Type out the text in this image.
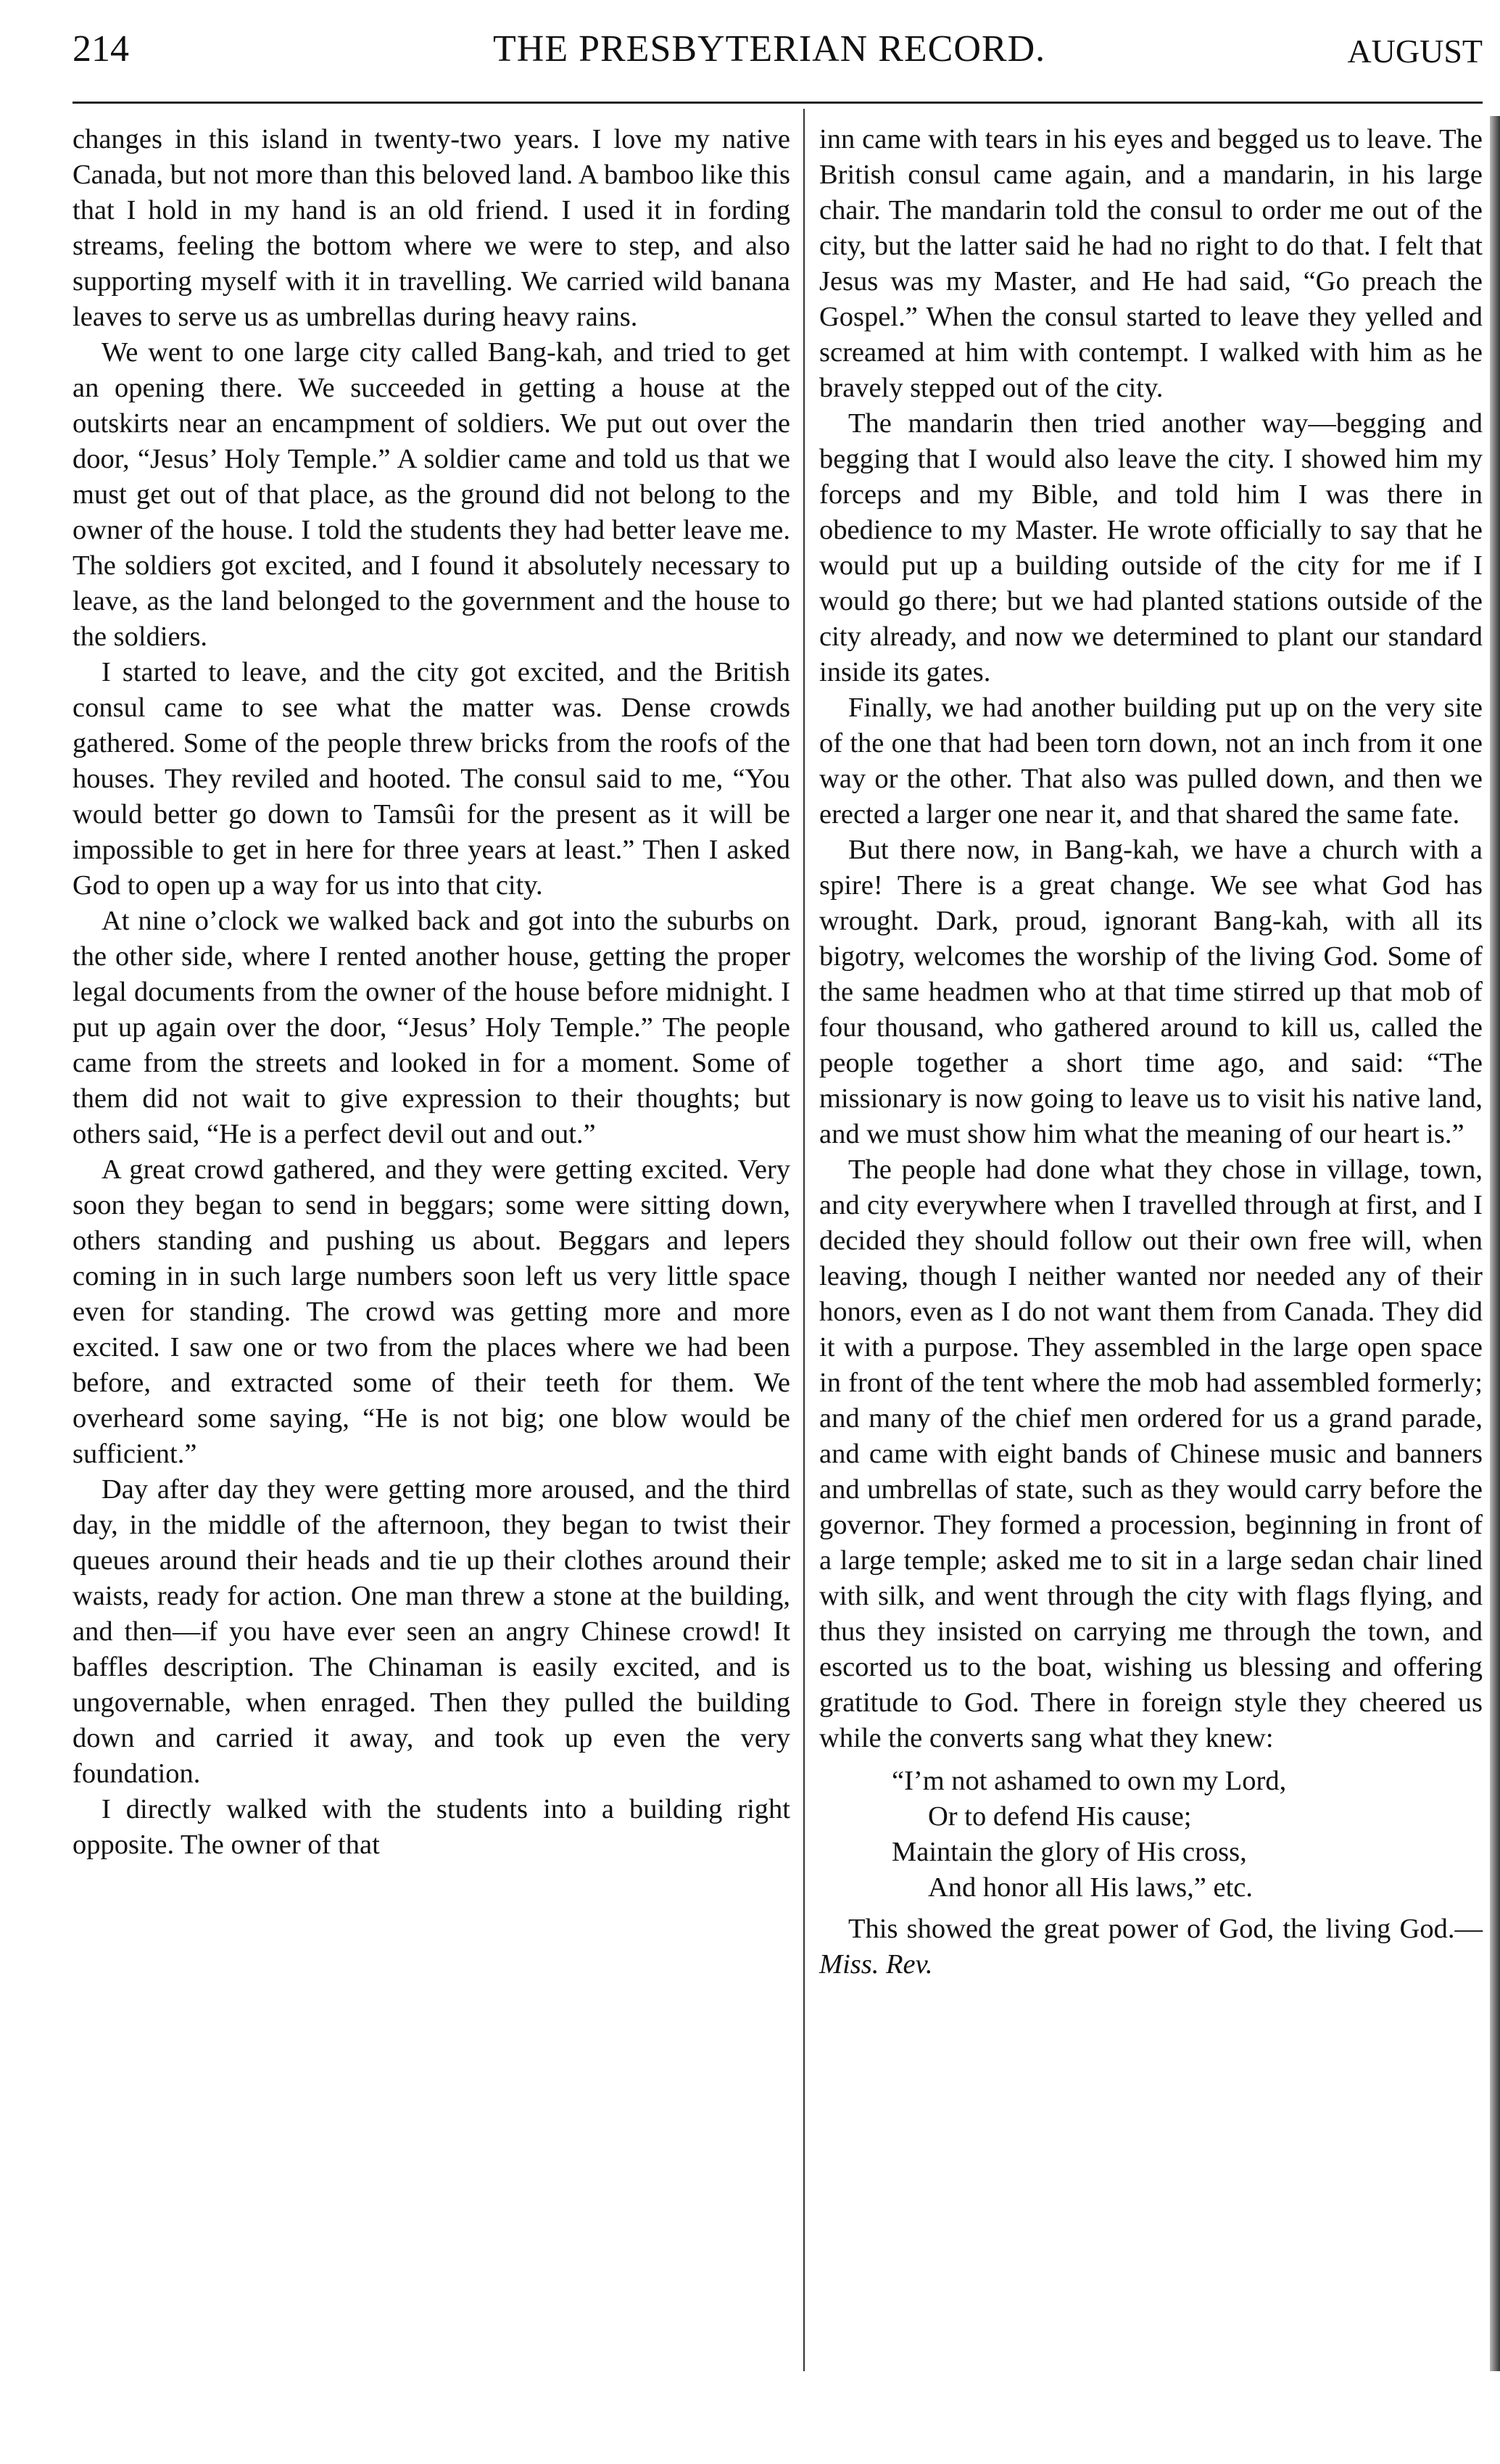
214	THE PRESBYTERIAN RECORD.	AUGUST

changes in this island in twenty-two years. I love my native Canada, but not more than this beloved land. A bamboo like this that I hold in my hand is an old friend. I used it in fording streams, feeling the bottom where we were to step, and also supporting myself with it in travelling. We carried wild banana leaves to serve us as umbrellas during heavy rains.

We went to one large city called Bang-kah, and tried to get an opening there. We succeeded in getting a house at the outskirts near an encampment of soldiers. We put out over the door, “Jesus’ Holy Temple.” A soldier came and told us that we must get out of that place, as the ground did not belong to the owner of the house. I told the students they had better leave me. The soldiers got excited, and I found it absolutely necessary to leave, as the land belonged to the government and the house to the soldiers.

I started to leave, and the city got excited, and the British consul came to see what the matter was. Dense crowds gathered. Some of the people threw bricks from the roofs of the houses. They reviled and hooted. The consul said to me, “You would better go down to Tamsûi for the present as it will be impossible to get in here for three years at least.” Then I asked God to open up a way for us into that city.

At nine o’clock we walked back and got into the suburbs on the other side, where I rented another house, getting the proper legal documents from the owner of the house before midnight. I put up again over the door, “Jesus’ Holy Temple.” The people came from the streets and looked in for a moment. Some of them did not wait to give expression to their thoughts; but others said, “He is a perfect devil out and out.”

A great crowd gathered, and they were getting excited. Very soon they began to send in beggars; some were sitting down, others standing and pushing us about. Beggars and lepers coming in in such large numbers soon left us very little space even for standing. The crowd was getting more and more excited. I saw one or two from the places where we had been before, and extracted some of their teeth for them. We overheard some saying, “He is not big; one blow would be sufficient.”

Day after day they were getting more aroused, and the third day, in the middle of the afternoon, they began to twist their queues around their heads and tie up their clothes around their waists, ready for action. One man threw a stone at the building, and then—if you have ever seen an angry Chinese crowd! It baffles description. The Chinaman is easily excited, and is ungovernable, when enraged. Then they pulled the building down and carried it away, and took up even the very foundation.

I directly walked with the students into a building right opposite. The owner of that

inn came with tears in his eyes and begged us to leave. The British consul came again, and a mandarin, in his large chair. The mandarin told the consul to order me out of the city, but the latter said he had no right to do that. I felt that Jesus was my Master, and He had said, “Go preach the Gospel.” When the consul started to leave they yelled and screamed at him with contempt. I walked with him as he bravely stepped out of the city.

The mandarin then tried another way—begging and begging that I would also leave the city. I showed him my forceps and my Bible, and told him I was there in obedience to my Master. He wrote officially to say that he would put up a building outside of the city for me if I would go there; but we had planted stations outside of the city already, and now we determined to plant our standard inside its gates.

Finally, we had another building put up on the very site of the one that had been torn down, not an inch from it one way or the other. That also was pulled down, and then we erected a larger one near it, and that shared the same fate.

But there now, in Bang-kah, we have a church with a spire! There is a great change. We see what God has wrought. Dark, proud, ignorant Bang-kah, with all its bigotry, welcomes the worship of the living God. Some of the same headmen who at that time stirred up that mob of four thousand, who gathered around to kill us, called the people together a short time ago, and said: “The missionary is now going to leave us to visit his native land, and we must show him what the meaning of our heart is.”

The people had done what they chose in village, town, and city everywhere when I travelled through at first, and I decided they should follow out their own free will, when leaving, though I neither wanted nor needed any of their honors, even as I do not want them from Canada. They did it with a purpose. They assembled in the large open space in front of the tent where the mob had assembled formerly; and many of the chief men ordered for us a grand parade, and came with eight bands of Chinese music and banners and umbrellas of state, such as they would carry before the governor. They formed a procession, beginning in front of a large temple; asked me to sit in a large sedan chair lined with silk, and went through the city with flags flying, and thus they insisted on carrying me through the town, and escorted us to the boat, wishing us blessing and offering gratitude to God. There in foreign style they cheered us while the converts sang what they knew:

“I’m not ashamed to own my Lord,
Or to defend His cause;
Maintain the glory of His cross,
And honor all His laws,” etc.

This showed the great power of God, the living God.—Miss. Rev.
